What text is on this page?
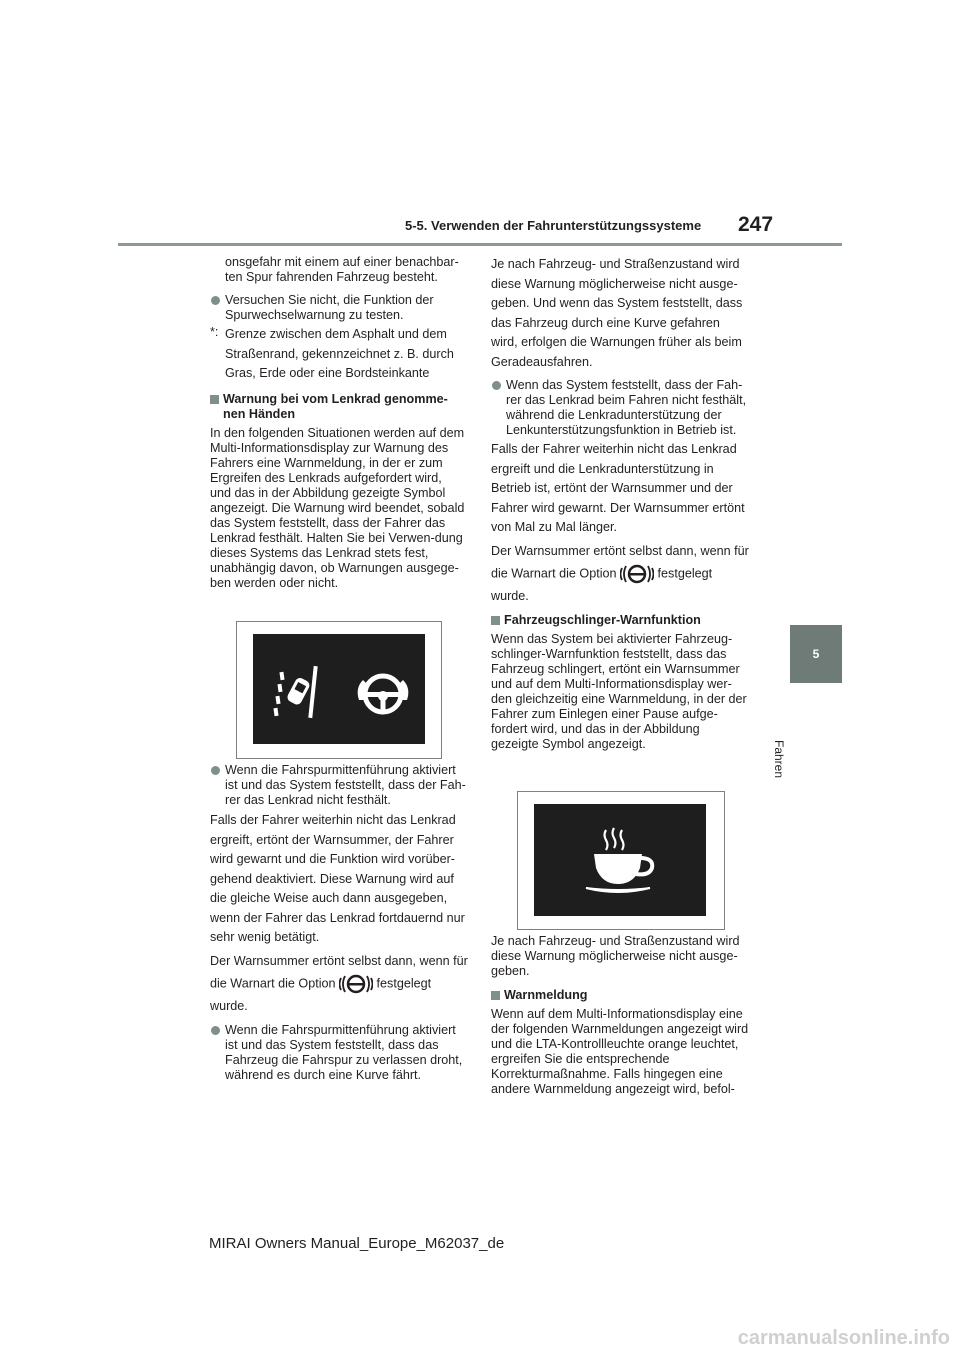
5-5. Verwenden der Fahrunterstützungssysteme 247
5
Fahren

onsgefahr mit einem auf einer benachbar-ten Spur fahrenden Fahrzeug besteht.

Versuchen Sie nicht, die Funktion der Spurwechselwarnung zu testen.

*: Grenze zwischen dem Asphalt und dem Straßenrand, gekennzeichnet z. B. durch Gras, Erde oder eine Bordsteinkante

Warnung bei vom Lenkrad genomme-nen Händen

In den folgenden Situationen werden auf dem Multi-Informationsdisplay zur Warnung des Fahrers eine Warnmeldung, in der er zum Ergreifen des Lenkrads aufgefordert wird, und das in der Abbildung gezeigte Symbol angezeigt. Die Warnung wird beendet, sobald das System feststellt, dass der Fahrer das Lenkrad festhält. Halten Sie bei Verwen-dung dieses Systems das Lenkrad stets fest, unabhängig davon, ob Warnungen ausgege-ben werden oder nicht.

Wenn die Fahrspurmittenführung aktiviert ist und das System feststellt, dass der Fah-rer das Lenkrad nicht festhält.

Falls der Fahrer weiterhin nicht das Lenkrad ergreift, ertönt der Warnsummer, der Fahrer wird gewarnt und die Funktion wird vorüber-gehend deaktiviert. Diese Warnung wird auf die gleiche Weise auch dann ausgegeben, wenn der Fahrer das Lenkrad fortdauernd nur sehr wenig betätigt.

Der Warnsummer ertönt selbst dann, wenn für die Warnart die Option	festgelegt wurde.

Wenn die Fahrspurmittenführung aktiviert ist und das System feststellt, dass das Fahrzeug die Fahrspur zu verlassen droht, während es durch eine Kurve fährt.

Je nach Fahrzeug- und Straßenzustand wird diese Warnung möglicherweise nicht ausge-geben. Und wenn das System feststellt, dass das Fahrzeug durch eine Kurve gefahren wird, erfolgen die Warnungen früher als beim Geradeausfahren.

Wenn das System feststellt, dass der Fah-rer das Lenkrad beim Fahren nicht festhält, während die Lenkradunterstützung der Lenkunterstützungsfunktion in Betrieb ist.

Falls der Fahrer weiterhin nicht das Lenkrad ergreift und die Lenkradunterstützung in Betrieb ist, ertönt der Warnsummer und der Fahrer wird gewarnt. Der Warnsummer ertönt von Mal zu Mal länger.

Der Warnsummer ertönt selbst dann, wenn für die Warnart die Option	festgelegt wurde.

Fahrzeugschlinger-Warnfunktion

Wenn das System bei aktivierter Fahrzeug-schlinger-Warnfunktion feststellt, dass das Fahrzeug schlingert, ertönt ein Warnsummer und auf dem Multi-Informationsdisplay wer-den gleichzeitig eine Warnmeldung, in der der Fahrer zum Einlegen einer Pause aufge-fordert wird, und das in der Abbildung gezeigte Symbol angezeigt.

Je nach Fahrzeug- und Straßenzustand wird diese Warnung möglicherweise nicht ausge-geben.

Warnmeldung

Wenn auf dem Multi-Informationsdisplay eine der folgenden Warnmeldungen angezeigt wird und die LTA-Kontrollleuchte orange leuchtet, ergreifen Sie die entsprechende Korrekturmaßnahme. Falls hingegen eine andere Warnmeldung angezeigt wird, befol-

MIRAI Owners Manual_Europe_M62037_de
carmanualsonline.info
